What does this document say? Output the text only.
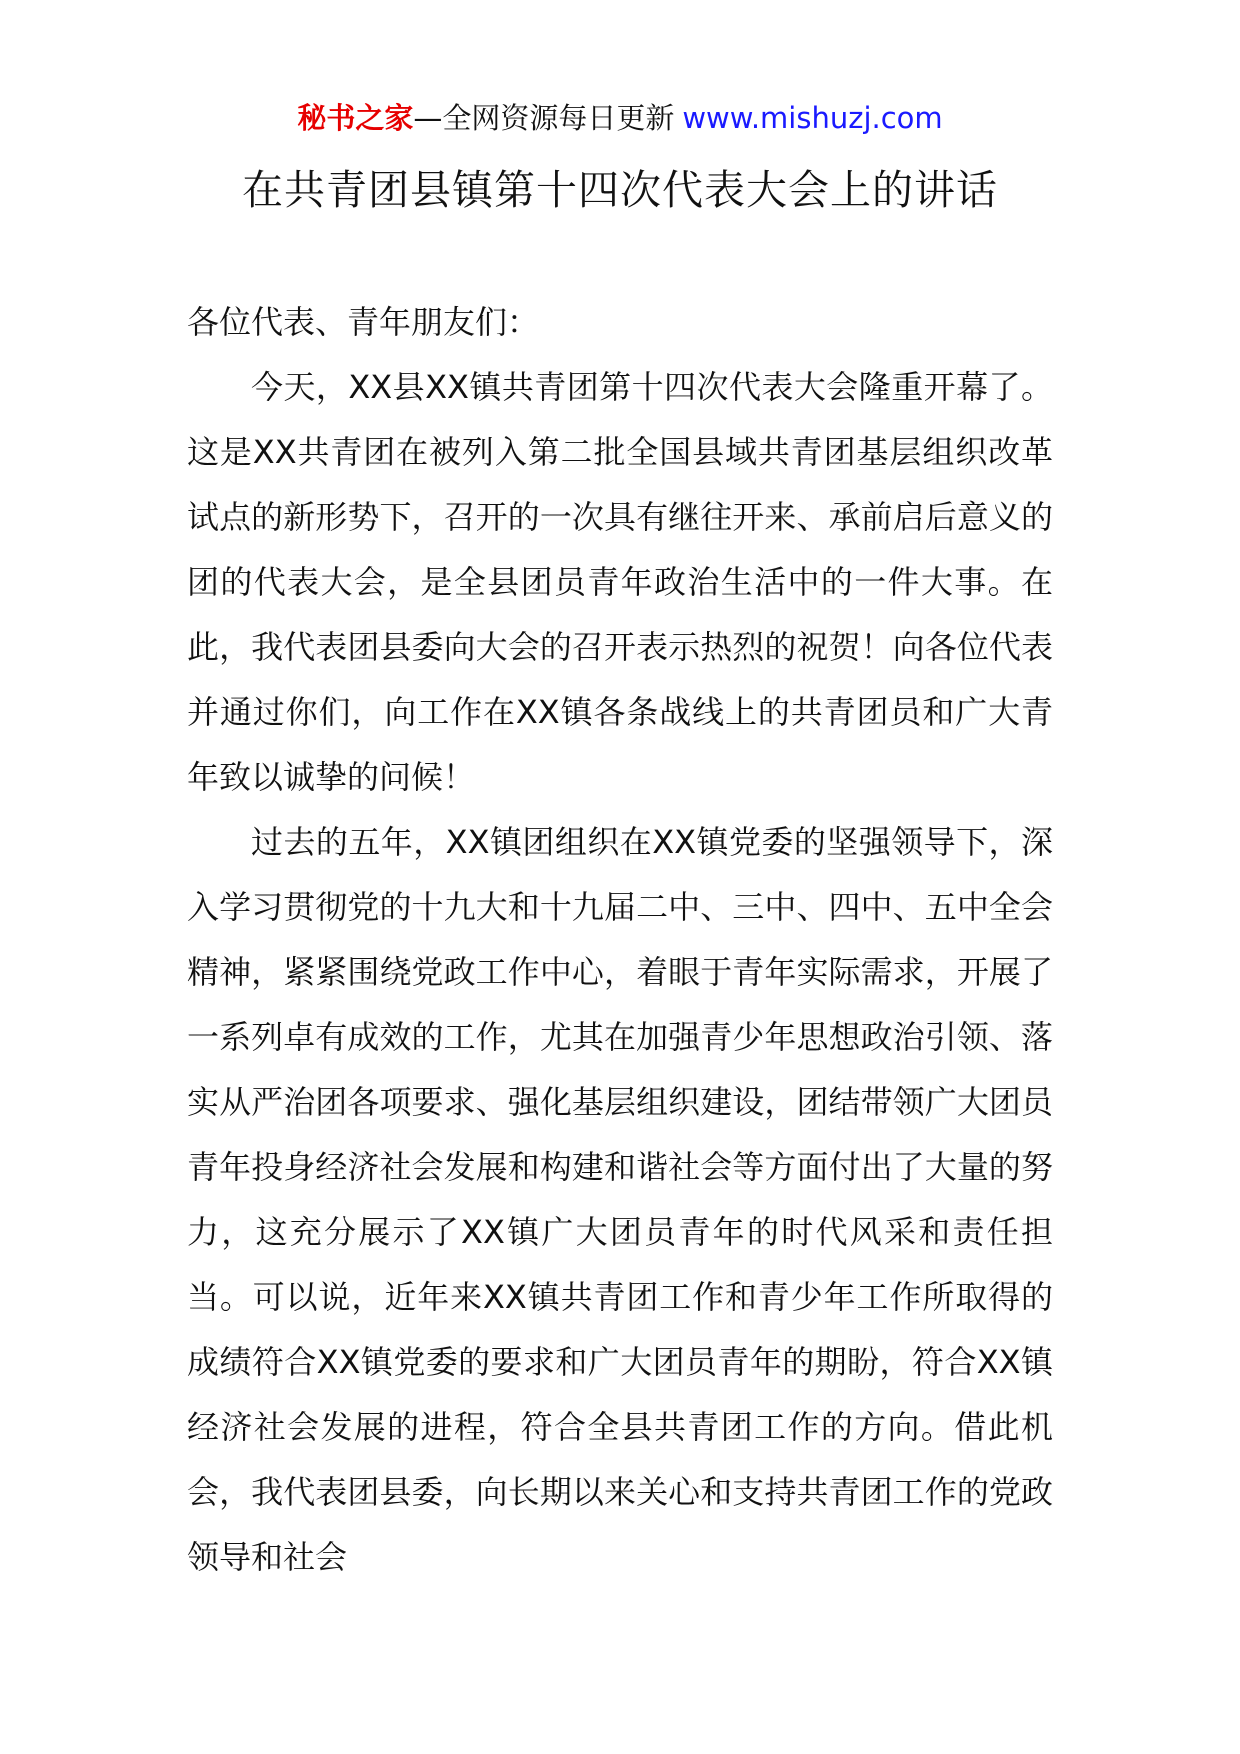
秘书之家—全网资源每日更新 www.mishuzj.com
在共青团县镇第十四次代表大会上的讲话

各位代表、青年朋友们：

今天，XX县XX镇共青团第十四次代表大会隆重开幕了。这是XX共青团在被列入第二批全国县域共青团基层组织改革试点的新形势下，召开的一次具有继往开来、承前启后意义的团的代表大会，是全县团员青年政治生活中的一件大事。在此，我代表团县委向大会的召开表示热烈的祝贺！向各位代表并通过你们，向工作在XX镇各条战线上的共青团员和广大青年致以诚挚的问候！

过去的五年，XX镇团组织在XX镇党委的坚强领导下，深入学习贯彻党的十九大和十九届二中、三中、四中、五中全会精神，紧紧围绕党政工作中心，着眼于青年实际需求，开展了一系列卓有成效的工作，尤其在加强青少年思想政治引领、落实从严治团各项要求、强化基层组织建设，团结带领广大团员青年投身经济社会发展和构建和谐社会等方面付出了大量的努力，这充分展示了XX镇广大团员青年的时代风采和责任担当。可以说，近年来XX镇共青团工作和青少年工作所取得的成绩符合XX镇党委的要求和广大团员青年的期盼，符合XX镇经济社会发展的进程，符合全县共青团工作的方向。借此机会，我代表团县委，向长期以来关心和支持共青团工作的党政领导和社会
